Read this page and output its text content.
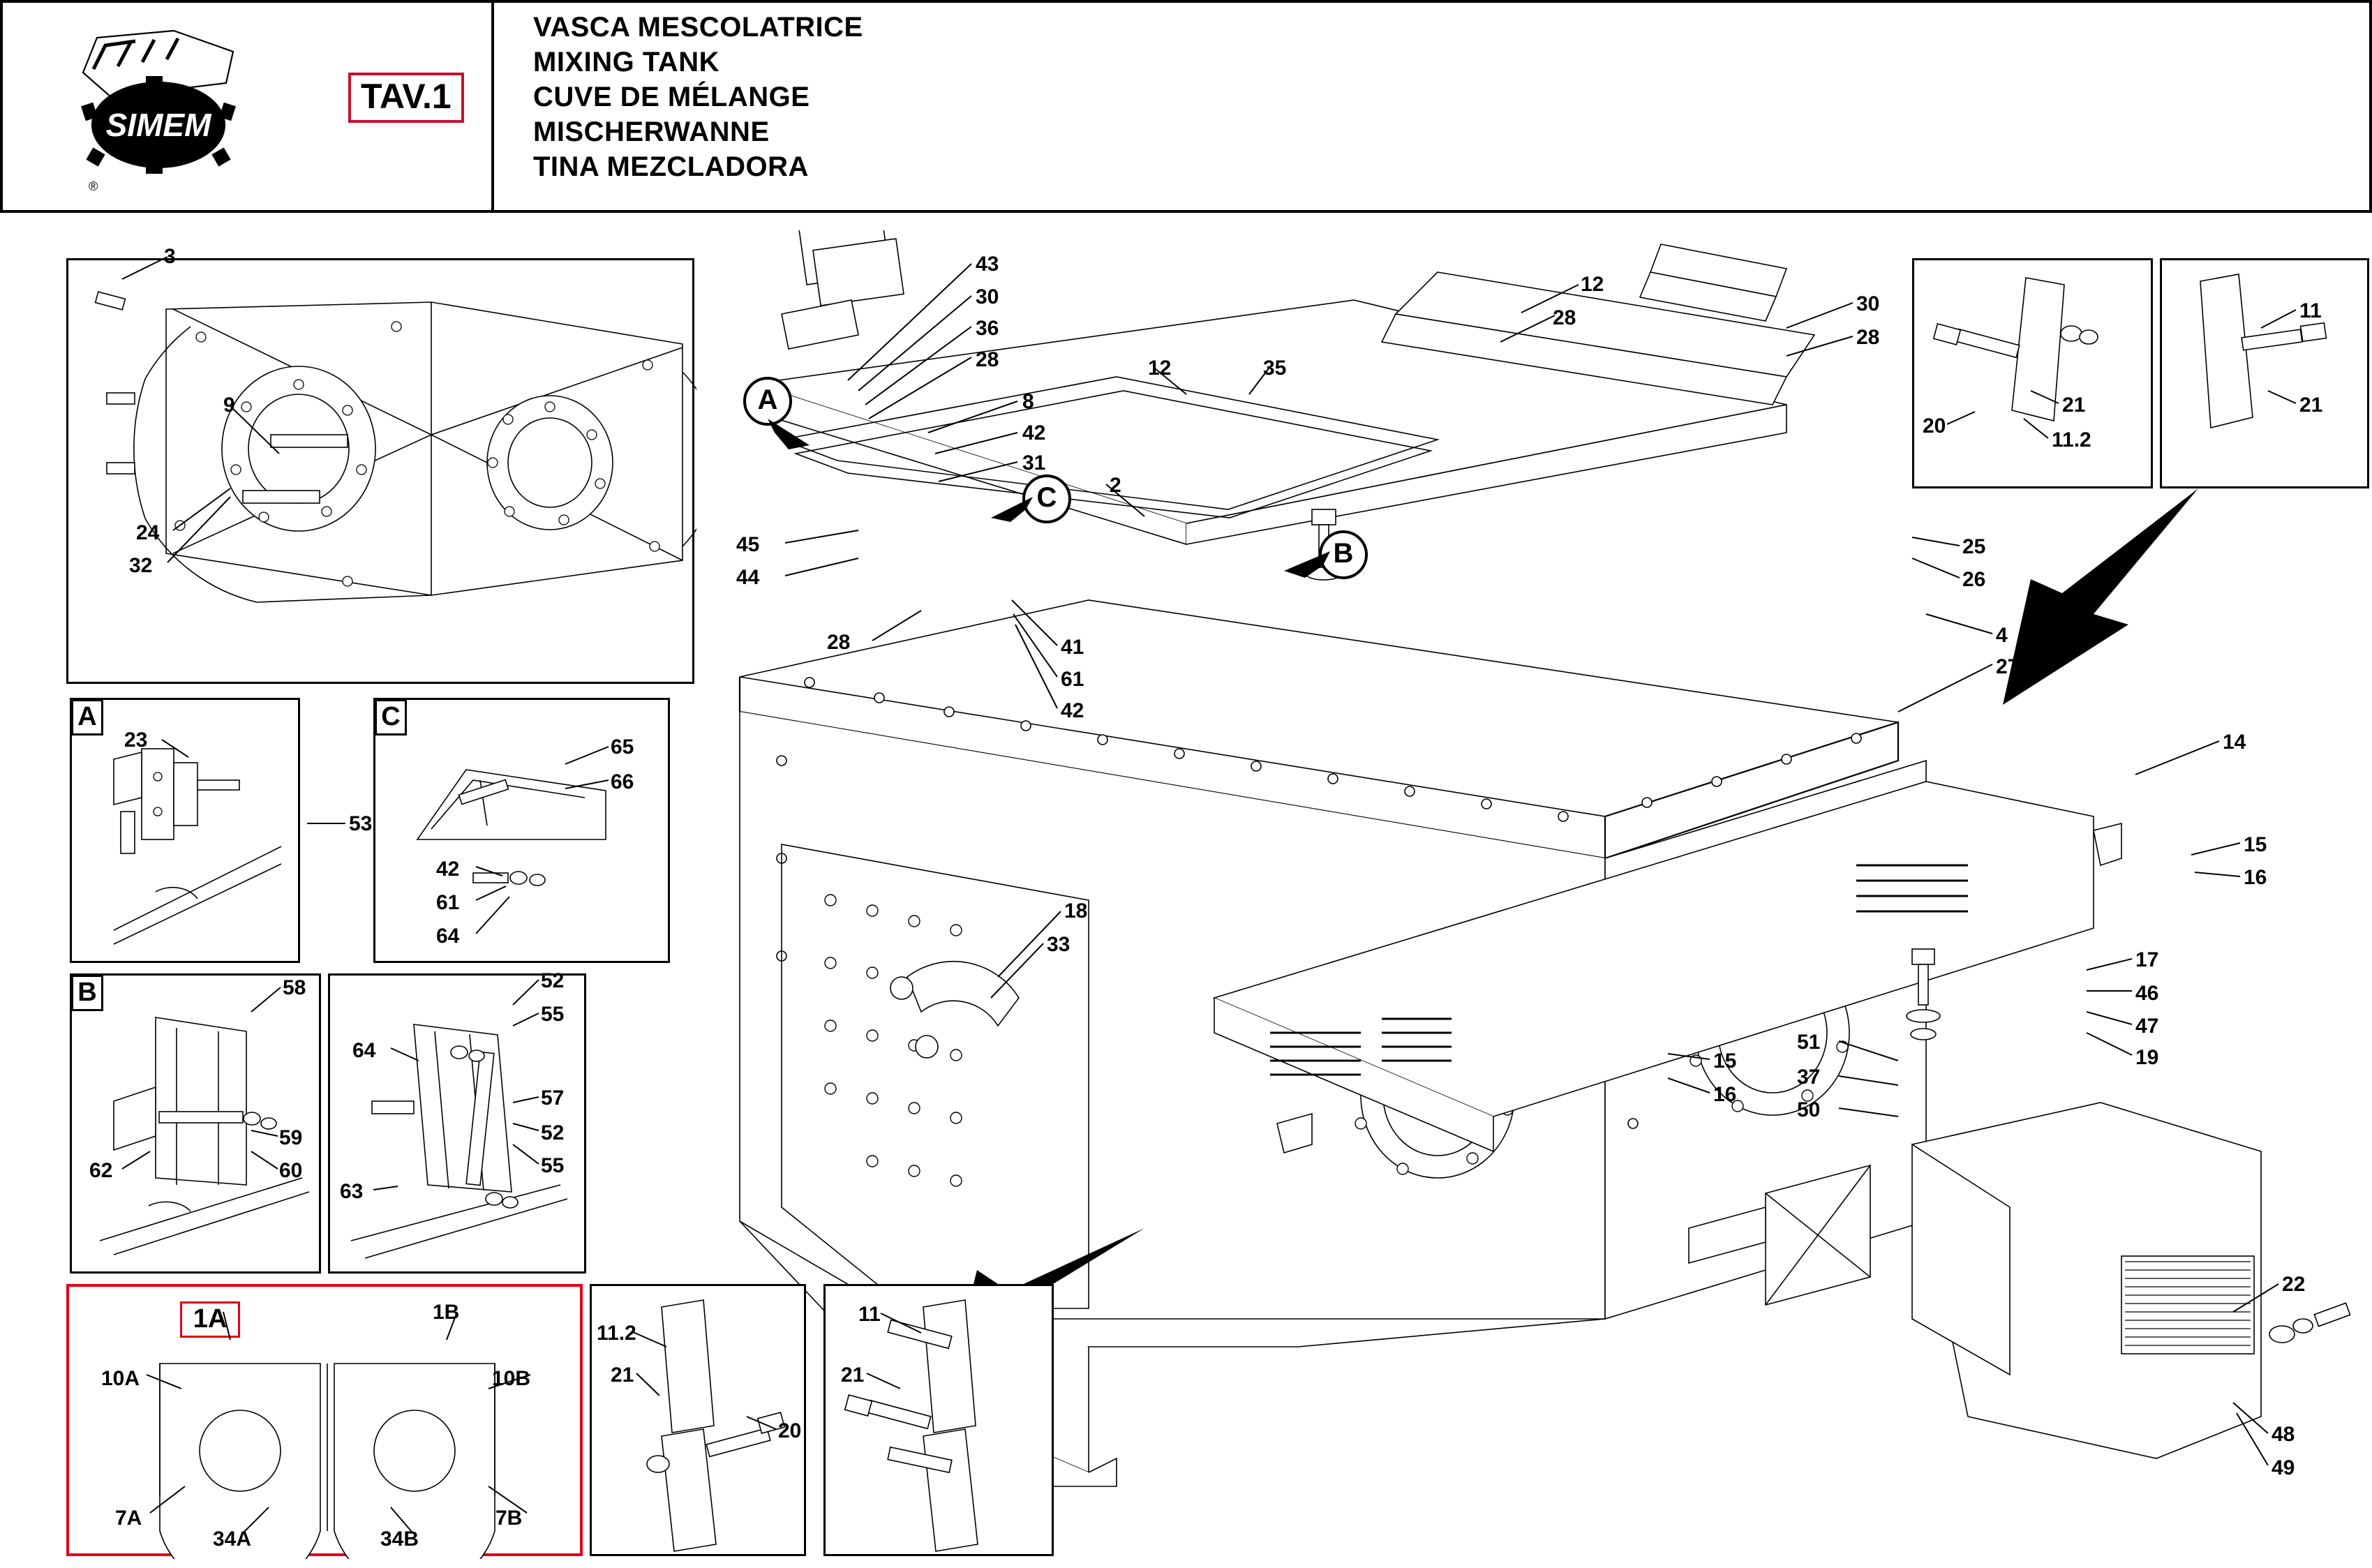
SIMEM
®
TAV.1
VASCA MESCOLATRICE
MIXING TANK
CUVE DE MÉLANGE
MISCHERWANNE
TINA MEZCLADORA
A
C
B
3
9
24
32
A
23
53
C
65
66
42
61
64
B	58
59
60
62
52
55
64
57
52
55
63
1A	1B
10A	10B
7A	7B
34A	34B
11.2
21
20
11
21
20
21
11.2
11
21
43
30
36
28
8
42
31
2
12	35
12
28
30
28
45
44
28	41
61
42
25
26
4
27
14
15
16
17
46
47
19
51
37
50
18
33
15
16
22
48
49
